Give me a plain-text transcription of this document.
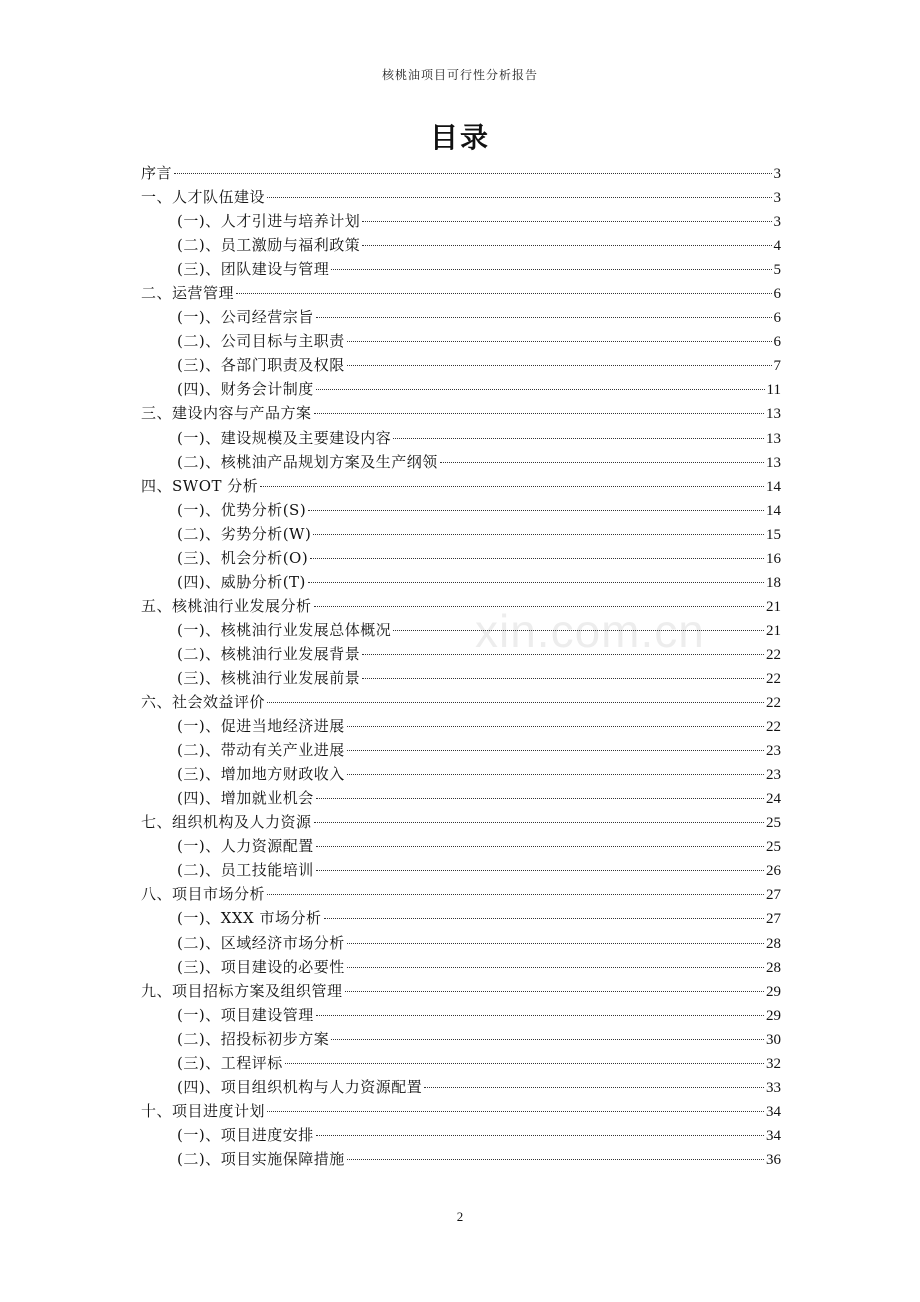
核桃油项目可行性分析报告
目录
序言	3
一、人才队伍建设	3
(一)、人才引进与培养计划	3
(二)、员工激励与福利政策	4
(三)、团队建设与管理	5
二、运营管理	6
(一)、公司经营宗旨	6
(二)、公司目标与主职责	6
(三)、各部门职责及权限	7
(四)、财务会计制度	11
三、建设内容与产品方案	13
(一)、建设规模及主要建设内容	13
(二)、核桃油产品规划方案及生产纲领	13
四、SWOT 分析	14
(一)、优势分析(S)	14
(二)、劣势分析(W)	15
(三)、机会分析(O)	16
(四)、威胁分析(T)	18
五、核桃油行业发展分析	21
(一)、核桃油行业发展总体概况	21
(二)、核桃油行业发展背景	22
(三)、核桃油行业发展前景	22
六、社会效益评价	22
(一)、促进当地经济进展	22
(二)、带动有关产业进展	23
(三)、增加地方财政收入	23
(四)、增加就业机会	24
七、组织机构及人力资源	25
(一)、人力资源配置	25
(二)、员工技能培训	26
八、项目市场分析	27
(一)、XXX 市场分析	27
(二)、区域经济市场分析	28
(三)、项目建设的必要性	28
九、项目招标方案及组织管理	29
(一)、项目建设管理	29
(二)、招投标初步方案	30
(三)、工程评标	32
(四)、项目组织机构与人力资源配置	33
十、项目进度计划	34
(一)、项目进度安排	34
(二)、项目实施保障措施	36
xin.com.cn
2
